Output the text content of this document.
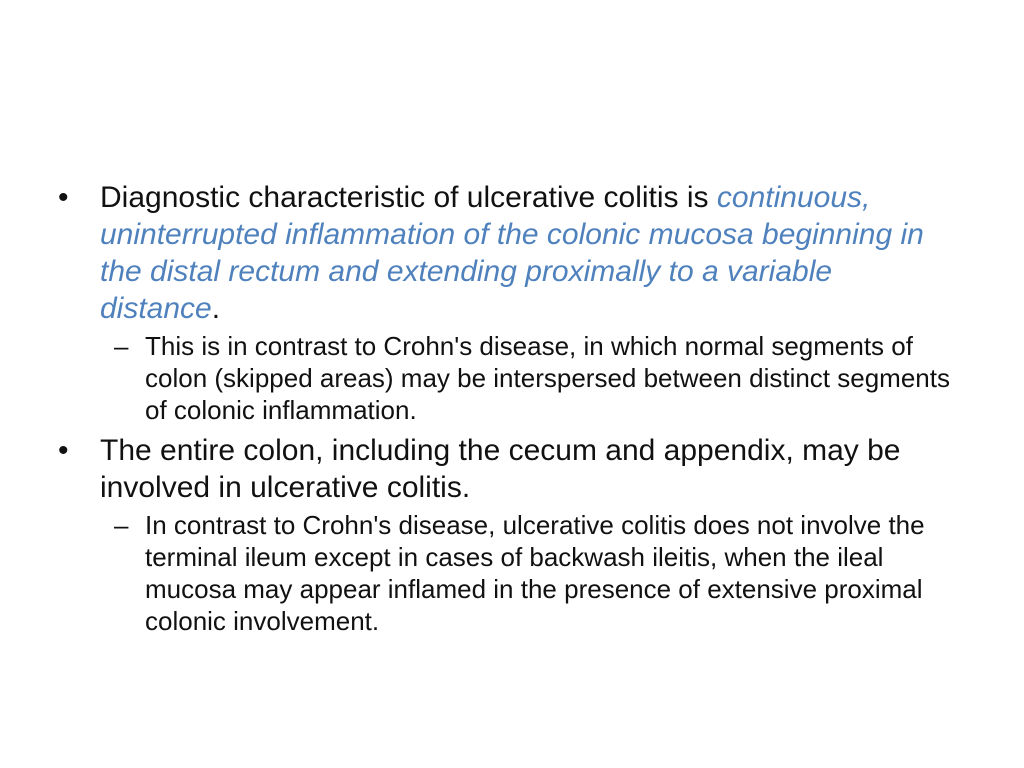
•	Diagnostic characteristic of ulcerative colitis is continuous, uninterrupted inflammation of the colonic mucosa beginning in the distal rectum and extending proximally to a variable distance.
– This is in contrast to Crohn's disease, in which normal segments of colon (skipped areas) may be interspersed between distinct segments of colonic inflammation.
•	The entire colon, including the cecum and appendix, may be involved in ulcerative colitis.
– In contrast to Crohn's disease, ulcerative colitis does not involve the terminal ileum except in cases of backwash ileitis, when the ileal mucosa may appear inflamed in the presence of extensive proximal colonic involvement.
